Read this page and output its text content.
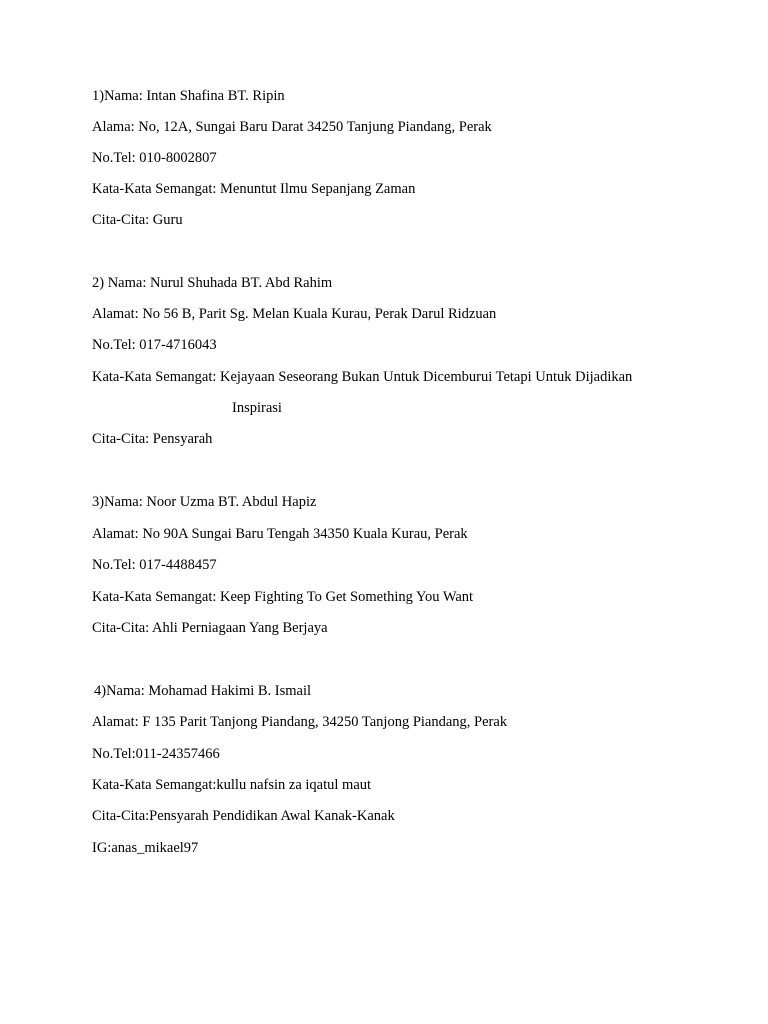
1)Nama: Intan Shafina BT. Ripin
Alama: No, 12A, Sungai Baru Darat 34250 Tanjung Piandang, Perak
No.Tel: 010-8002807
Kata-Kata Semangat: Menuntut Ilmu Sepanjang Zaman
Cita-Cita: Guru
2) Nama: Nurul Shuhada BT. Abd Rahim
Alamat: No 56 B, Parit Sg. Melan Kuala Kurau, Perak Darul Ridzuan
No.Tel: 017-4716043
Kata-Kata Semangat: Kejayaan Seseorang Bukan Untuk Dicemburui Tetapi Untuk Dijadikan
Inspirasi
Cita-Cita: Pensyarah
3)Nama: Noor Uzma BT. Abdul Hapiz
Alamat: No 90A Sungai Baru Tengah 34350 Kuala Kurau, Perak
No.Tel: 017-4488457
Kata-Kata Semangat: Keep Fighting To Get Something You Want
Cita-Cita: Ahli Perniagaan Yang Berjaya
4)Nama: Mohamad Hakimi B. Ismail
Alamat: F 135 Parit Tanjong Piandang, 34250 Tanjong Piandang, Perak
No.Tel:011-24357466
Kata-Kata Semangat:kullu nafsin za iqatul maut
Cita-Cita:Pensyarah Pendidikan Awal Kanak-Kanak
IG:anas_mikael97
